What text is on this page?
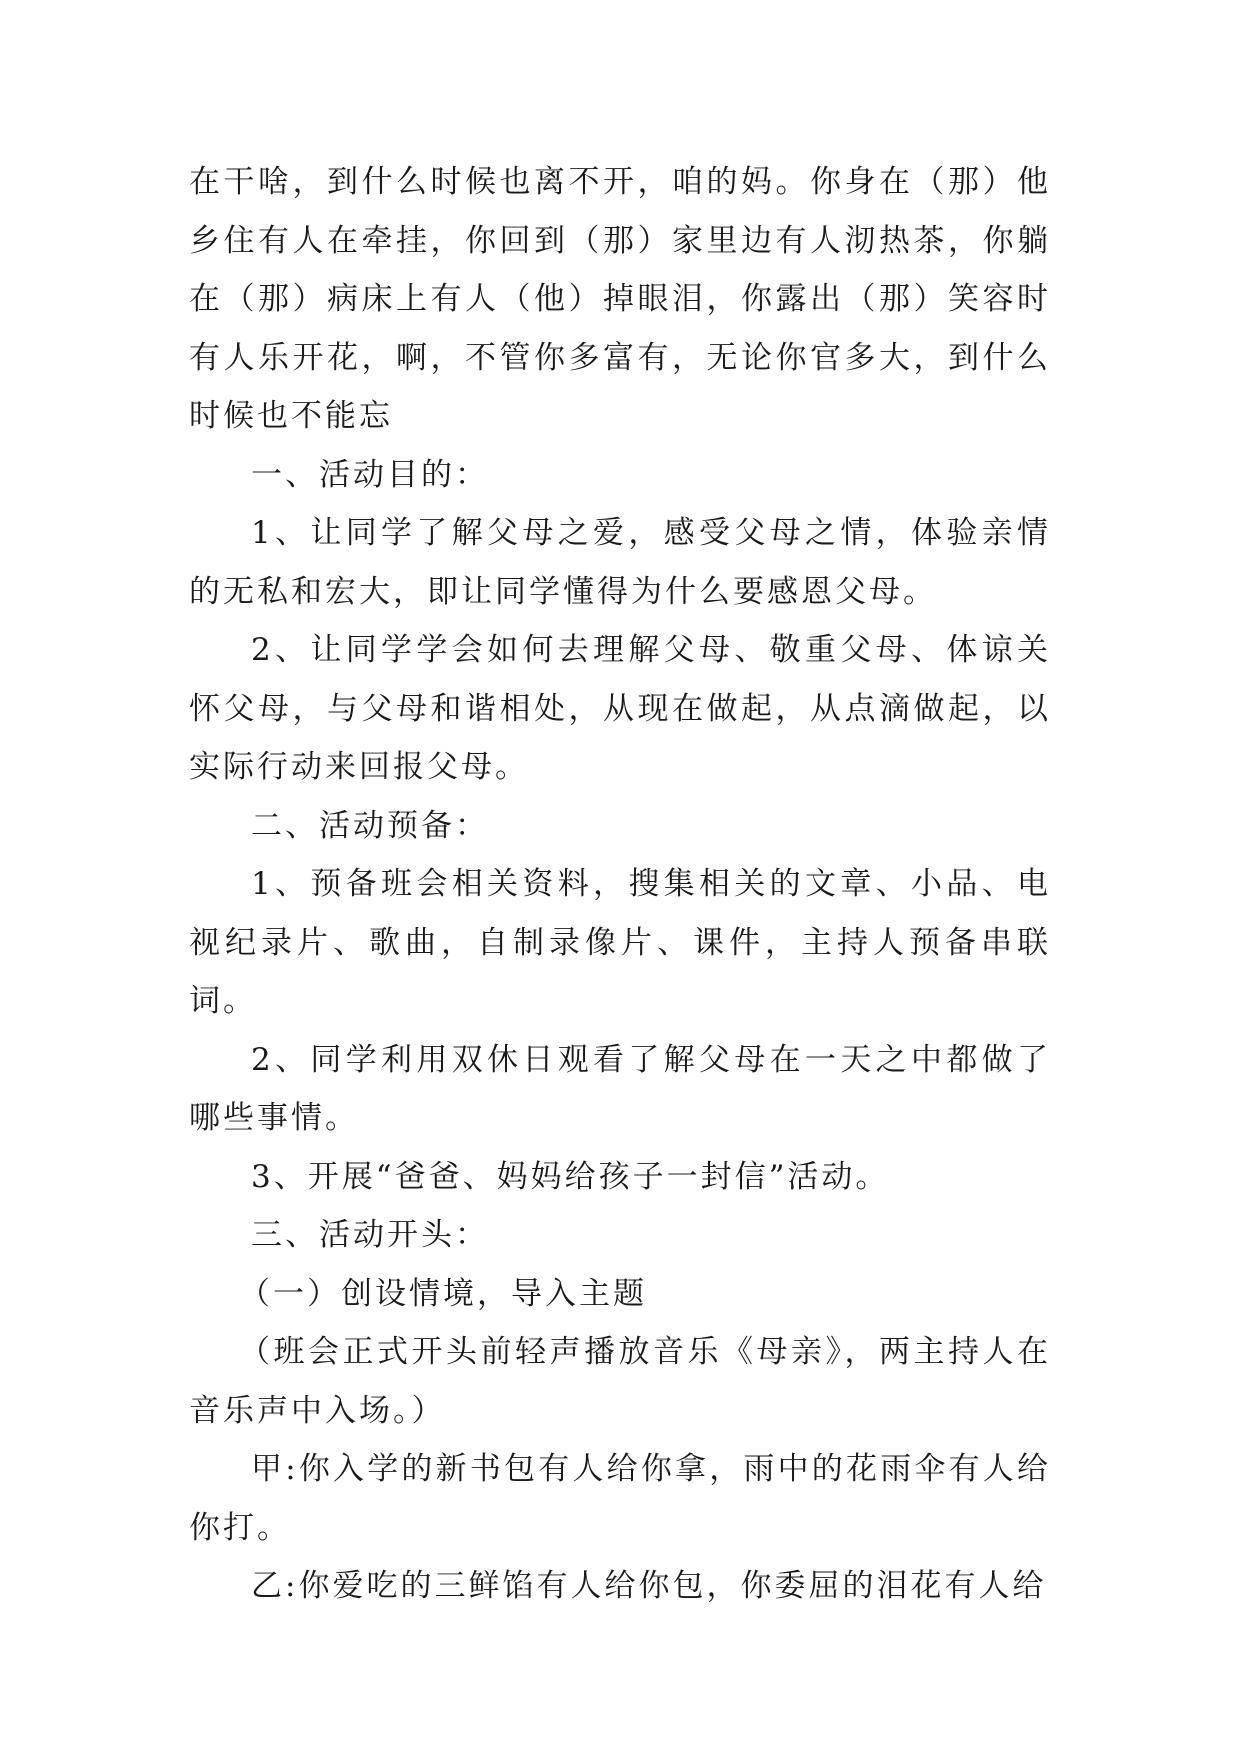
在干啥，到什么时候也离不开，咱的妈。你身在（那）他乡住有人在牵挂，你回到（那）家里边有人沏热茶，你躺在（那）病床上有人（他）掉眼泪，你露出（那）笑容时有人乐开花，啊，不管你多富有，无论你官多大，到什么时候也不能忘

一、活动目的：

1、让同学了解父母之爱，感受父母之情，体验亲情的无私和宏大，即让同学懂得为什么要感恩父母。

2、让同学学会如何去理解父母、敬重父母、体谅关怀父母，与父母和谐相处，从现在做起，从点滴做起，以实际行动来回报父母。

二、活动预备：

1、预备班会相关资料，搜集相关的文章、小品、电视纪录片、歌曲，自制录像片、课件，主持人预备串联词。

2、同学利用双休日观看了解父母在一天之中都做了哪些事情。

3、开展“爸爸、妈妈给孩子一封信”活动。

三、活动开头：

（一）创设情境，导入主题

（班会正式开头前轻声播放音乐《母亲》，两主持人在音乐声中入场。）

甲:你入学的新书包有人给你拿，雨中的花雨伞有人给你打。

乙:你爱吃的三鲜馅有人给你包，你委屈的泪花有人给
